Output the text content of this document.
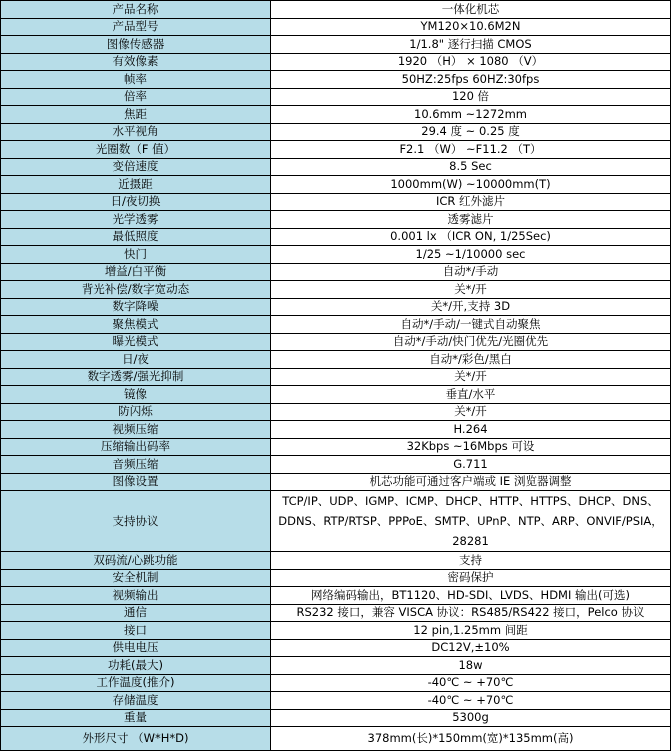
产品名称	一体化机芯
产品型号	YM120×10.6M2N
图像传感器	1/1.8" 逐行扫描 CMOS
有效像素	1920 （H） × 1080 （V）
帧率	50HZ:25fps 60HZ:30fps
倍率	120 倍
焦距	10.6mm ~1272mm
水平视角	29.4 度 ~ 0.25 度
光圈数（F 值）	F2.1 （W） ~F11.2 （T）
变倍速度	8.5 Sec
近摄距	1000mm(W) ~10000mm(T)
日/夜切换	ICR 红外滤片
光学透雾	透雾滤片
最低照度	0.001 lx （ICR ON, 1/25Sec)
快门	1/25 ~1/10000 sec
增益/白平衡	自动*/手动
背光补偿/数字宽动态	关*/开
数字降噪	关*/开,支持 3D
聚焦模式	自动*/手动/一键式自动聚焦
曝光模式	自动*/手动/快门优先/光圈优先
日/夜	自动*/彩色/黑白
数字透雾/强光抑制	关*/开
镜像	垂直/水平
防闪烁	关*/开
视频压缩	H.264
压缩输出码率	32Kbps ~16Mbps 可设
音频压缩	G.711
图像设置	机芯功能可通过客户端或 IE 浏览器调整
支持协议	TCP/IP、UDP、IGMP、ICMP、DHCP、HTTP、HTTPS、DHCP、DNS、DDNS、RTP/RTSP、PPPoE、SMTP、UPnP、NTP、ARP、ONVIF/PSIA，28281
双码流/心跳功能	支持
安全机制	密码保护
视频输出	网络编码输出，BT1120、HD-SDI、LVDS、HDMI 输出(可选)
通信	RS232 接口，兼容 VISCA 协议：RS485/RS422 接口，Pelco 协议
接口	12 pin,1.25mm 间距
供电电压	DC12V,±10%
功耗(最大)	18w
工作温度(推介)	-40℃ ~ +70℃
存储温度	-40℃ ~ +70℃
重量	5300g
外形尺寸 （W*H*D)	378mm(长)*150mm(宽)*135mm(高)
